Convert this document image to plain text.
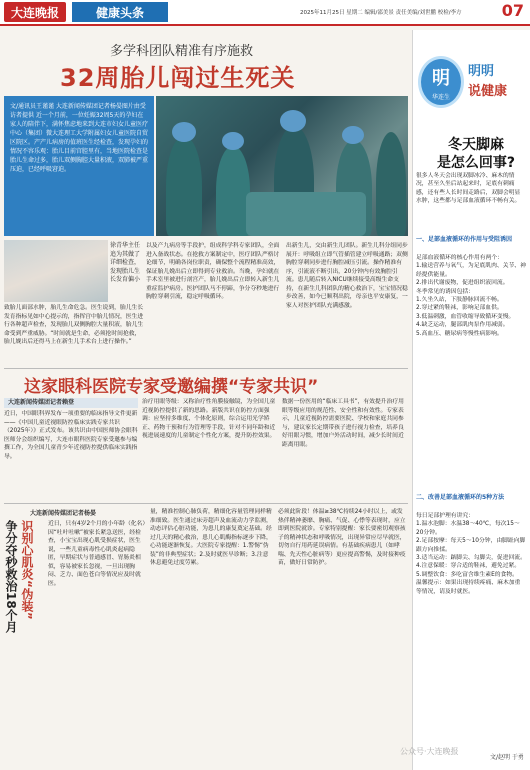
大连晚报	健康头条	2025年11月25日 星期二 编辑/邵美景 责任美编/刘世鹏 校检/李方	07
多学科团队精准有序施救
32周胎儿闯过生死关
文/通讯员王谨谨 大连新闻传媒团记者杨晏图片由受访者提供 近一个月前，一位妊娠32周5天的孕妇在家人的陪伴下，满怀焦虑地来到大连市妇女儿童医疗中心（集团）微大连理工大学附属妇女儿童医院自贸区院区。产产儿病房的值班医生经检查，发现孕妇的情况不容乐观：胎儿目前宫腔里有，当地医院检查是胎儿生命过多，胎儿双侧胸腔大量积液，双肺被严重压迫，已经呼吸窘迫。
徐青华主任追为其做了详细检查，发现胎儿生长发育偏小
致胎儿面部水肿，胎儿生命危急。医生说到，胎儿生长发育指标见如中心提示的，指挥宫中胎儿情况，医生进行各种超声检查，发现胎儿双侧胸腔大量积液，胎儿生命受到严重威胁。“时间就是生命，必须抢时间抢救，胎儿娩出后还得马上在新生儿手术台上进行操作。”
以及产九病房等手段护，组成科学科专家团队，全面进入备战状态。在抢救方案制定中，医疗团队严格讨论细节，明确各岗位职责，确保整个流程精准高效，保证胎儿娩出后立即得到专业救治。当晚，孕妇就在手术室里被进行剖宫产，胎儿娩出后立即转入新生儿重症监护病房。医护团队马不停蹄，争分夺秒地进行胸腔穿刺引流，稳定呼吸循环。
出新生儿，交由新生儿团队。新生儿科分组同步展开：呼吸组立即气管插管建立呼吸通路；双侧胸腔穿刺同步进行胸腔减压引流。操作精准有序，引流液不断引出，20分钟内有效胸腔引流。患儿随后转入NICU继续接受高级生命支持，在新生儿科团队的精心救治下，宝宝情况稳步改善，如今已顺利出院，母亲也平安康复，一家人对医护团队充满感激。
这家眼科医院专家受邀编撰“专家共识”
大连新闻传媒团记者赖登
近日，中国眼科界发布一项重要的临床指导文件更新——《中国儿童近视眼防控临床实践专家共识（2025年）》正式发布。该共识由中国医师协会眼科医师分会组织编写，大连市眼科医院专家受邀参与编撰工作，为全国儿童青少年近视防控提供临床实践指导。
治疗用眼等级：又称治疗性角膜接触镜，为全国儿童近视防控提供了新的思路。新版共识在防控方面强调：应坚持多维度、个体化原则，综合运用光学矫正、药物干预和行为管理等手段，针对不同年龄和近视进展速度的儿童制定个性化方案，提升防控效果。
数据一份医用的“临床工具书”，有效提升治疗用眼等级应用的规范性、安全性和有效性。专家表示，儿童近视防控需要医院、学校和家庭共同参与，建议家长定期带孩子进行视力检查，培养良好用眼习惯，增加户外活动时间，减少长时间近距离用眼。
大连新闻传媒团记者杨晏
争分夺秒救治18个月 识别心肌炎“伪装” 近日，只有4岁2个月的小年龄（化名）因“吐叶吐嗽”被家长紧急送医，经检查，小宝宝出现心肌受损症状，医生说，一些儿童病毒性心肌炎起病隐匿，早期症状与普通感冒、胃肠炎相似，容易被家长忽视，一旦出现胸闷、乏力、面色苍白等情况应及时就医。
量，精准控制心肺负荷，精细化容量管理同样精准细致。医生通过床旁超声及血流动力学监测，动态评估心脏功能，为患儿的康复奠定基础。经过几天的精心救治，患儿心肌酶指标逐步下降，心功能逐渐恢复。大医院专家提醒：1.警惕“伪装”的非典型症状；2.及时就医早诊断；3.注意休息避免过度劳累。
必须此阶段！体温≥38℃持续24小时以上，或发热伴精神萎靡、胸痛、气促、心悸等表现时，应立即到医院就诊。专家特别提醒：家长要密切观察孩子的精神状态和呼吸情况，出现异常应尽早就医，切勿自行用药延误病情。有基础疾病患儿（如哮喘、先天性心脏病等）更应提高警惕，及时接种疫苗，做好日常防护。
明
华连生
明明
说健康
冬天脚麻
是怎么回事?
很多人冬天会出现双脚冰冷、麻木的情况，甚至久坐后站起来时，足底有刺痛感，还有些人长时间走路后，双脚会明显水肿，这些都与足部血液循环不畅有关。
一、足部血液循环的作用与受阻诱因
足部血液循环的核心作用有两个：
1.输送营养与氧气，为足底肌肉、关节、神经提供能量。
2.排出代谢废物，促进组织液回流。
冬季常见的诱因包括：
1.久坐久站，下肢静脉回流不畅。
2.穿过紧的鞋袜，影响足部血供。
3.低温刺激，血管收缩导致循环变慢。
4.缺乏运动，腿部肌肉泵作用减弱。
5.高血压、糖尿病等慢性病影响。
二、改善足部血液循环的5种方法
每日足部护理有讲究：
1.温水泡脚：水温38～40℃，每次15～20分钟。
2.足部按摩：每天5～10分钟，由脚趾向脚跟方向推揉。
3.适当运动：踮脚尖、勾脚尖，促进回流。
4.注意保暖：穿合适的鞋袜，避免过紧。
5.调整饮食：多吃富含维生素E的食物。
温馨提示：如果出现持续疼痛、麻木加重等情况，请及时就医。
公众号·大连晚报
文/赵明 于勇
